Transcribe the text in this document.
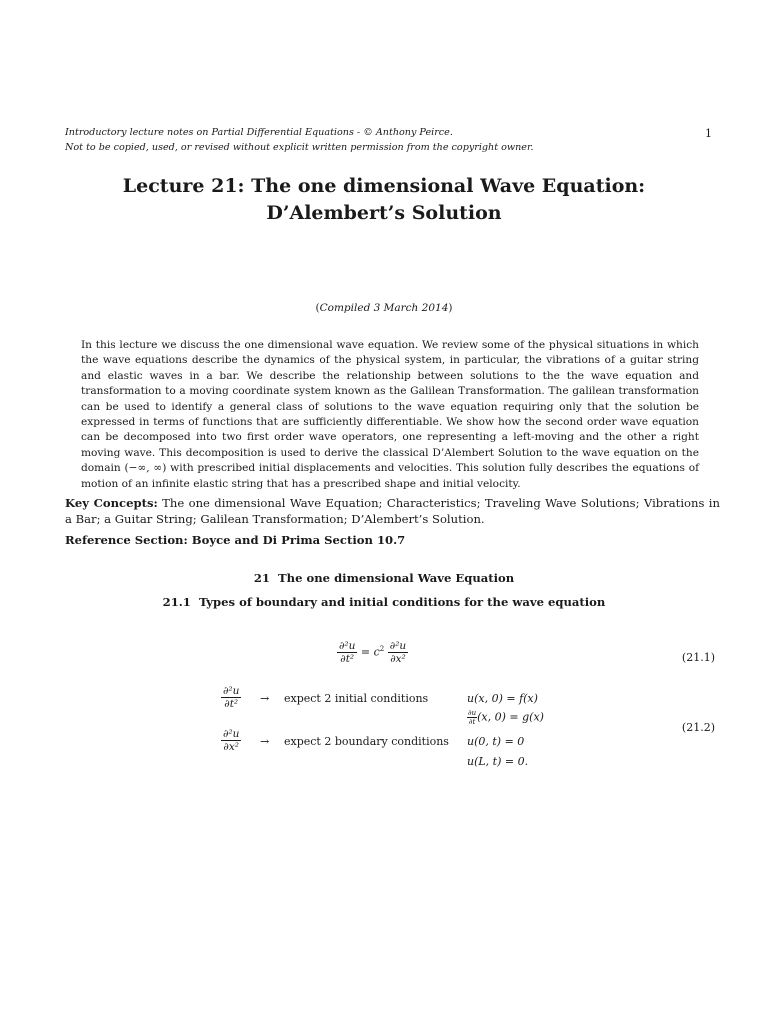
Introductory lecture notes on Partial Differential Equations - © Anthony Peirce.
Not to be copied, used, or revised without explicit written permission from the copyright owner.
1
Lecture 21: The one dimensional Wave Equation:
D’Alembert’s Solution
(Compiled 3 March 2014)
In this lecture we discuss the one dimensional wave equation. We review some of the physical situations in which the wave equations describe the dynamics of the physical system, in particular, the vibrations of a guitar string and elastic waves in a bar. We describe the relationship between solutions to the the wave equation and transformation to a moving coordinate system known as the Galilean Transformation. The galilean transformation can be used to identify a general class of solutions to the wave equation requiring only that the solution be expressed in terms of functions that are sufficiently differentiable. We show how the second order wave equation can be decomposed into two first order wave operators, one representing a left-moving and the other a right moving wave. This decomposition is used to derive the classical D’Alembert Solution to the wave equation on the domain (−∞, ∞) with prescribed initial displacements and velocities. This solution fully describes the equations of motion of an infinite elastic string that has a prescribed shape and initial velocity.
Key Concepts: The one dimensional Wave Equation; Characteristics; Traveling Wave Solutions; Vibrations in a Bar; a Guitar String; Galilean Transformation; D’Alembert’s Solution.
Reference Section: Boyce and Di Prima Section 10.7
21 The one dimensional Wave Equation
21.1 Types of boundary and initial conditions for the wave equation
$\frac{\text{∂²u}}{\text{∂t²}} = c^2 \frac{\text{∂²u}}{\text{∂x²}}$	(21.1)
$\frac{\text{∂²u}}{\text{∂t²}}$ → expect 2 initial conditions	u(x, 0) = f(x)
$\frac{\partial u}{\partial t} (x$, 0) = g(x)
$\frac{\text{∂²u}}{\text{∂x²}}$ → expect 2 boundary conditions u(0, t) = 0
u(L, t) = 0.
(21.2)
